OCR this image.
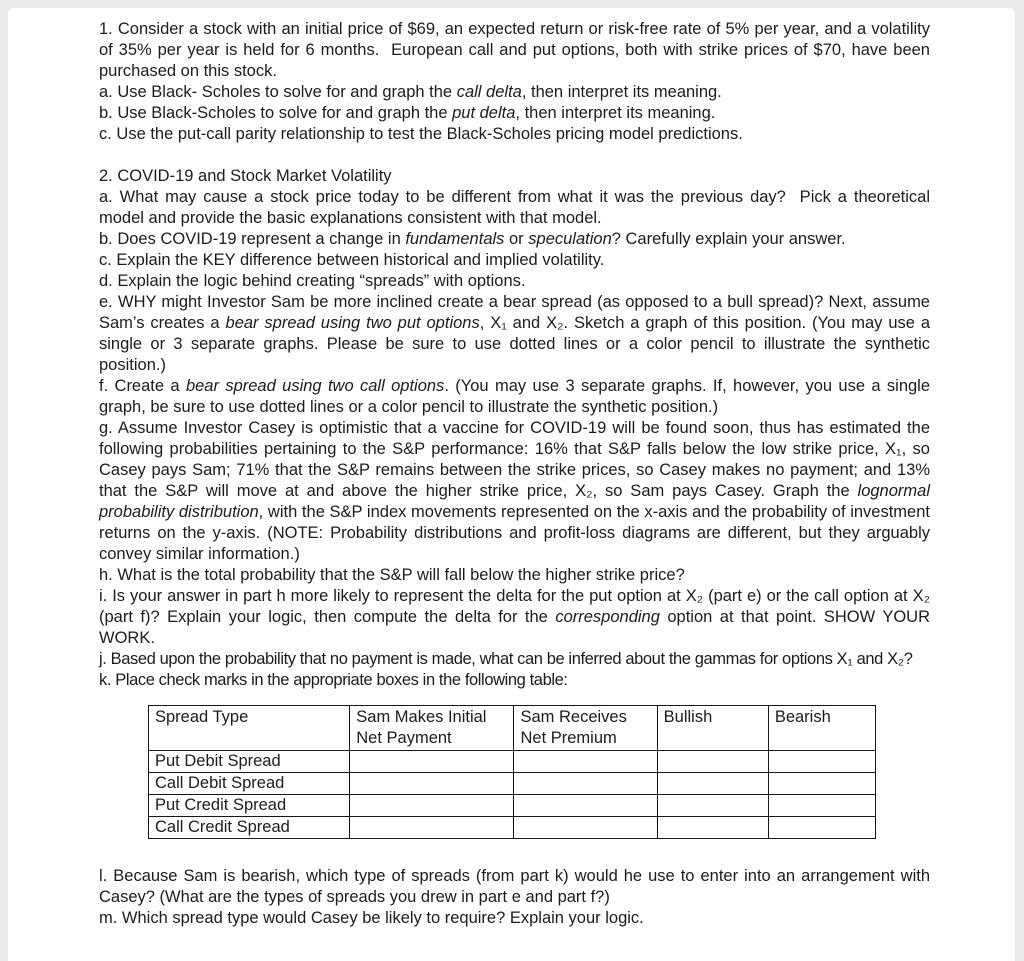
1. Consider a stock with an initial price of $69, an expected return or risk-free rate of 5% per year, and a volatility of 35% per year is held for 6 months.  European call and put options, both with strike prices of $70, have been purchased on this stock.

a. Use Black- Scholes to solve for and graph the call delta, then interpret its meaning.

b. Use Black-Scholes to solve for and graph the put delta, then interpret its meaning.

c. Use the put-call parity relationship to test the Black-Scholes pricing model predictions.

2. COVID-19 and Stock Market Volatility

a. What may cause a stock price today to be different from what it was the previous day?  Pick a theoretical model and provide the basic explanations consistent with that model.

b. Does COVID-19 represent a change in fundamentals or speculation? Carefully explain your answer.

c. Explain the KEY difference between historical and implied volatility.

d. Explain the logic behind creating “spreads” with options.

e. WHY might Investor Sam be more inclined create a bear spread (as opposed to a bull spread)? Next, assume Sam’s creates a bear spread using two put options, X₁ and X₂. Sketch a graph of this position. (You may use a single or 3 separate graphs. Please be sure to use dotted lines or a color pencil to illustrate the synthetic position.)

f. Create a bear spread using two call options. (You may use 3 separate graphs. If, however, you use a single graph, be sure to use dotted lines or a color pencil to illustrate the synthetic position.)

g. Assume Investor Casey is optimistic that a vaccine for COVID-19 will be found soon, thus has estimated the following probabilities pertaining to the S&P performance: 16% that S&P falls below the low strike price, X₁, so Casey pays Sam; 71% that the S&P remains between the strike prices, so Casey makes no payment; and 13% that the S&P will move at and above the higher strike price, X₂, so Sam pays Casey. Graph the lognormal probability distribution, with the S&P index movements represented on the x-axis and the probability of investment returns on the y-axis. (NOTE: Probability distributions and profit-loss diagrams are different, but they arguably convey similar information.)

h. What is the total probability that the S&P will fall below the higher strike price?

i. Is your answer in part h more likely to represent the delta for the put option at X₂ (part e) or the call option at X₂ (part f)? Explain your logic, then compute the delta for the corresponding option at that point. SHOW YOUR WORK.

j. Based upon the probability that no payment is made, what can be inferred about the gammas for options X₁ and X₂?

k. Place check marks in the appropriate boxes in the following table:

Spread Type	Sam Makes Initial Net Payment	Sam Receives Net Premium	Bullish	Bearish
Put Debit Spread				
Call Debit Spread				
Put Credit Spread				
Call Credit Spread				

l. Because Sam is bearish, which type of spreads (from part k) would he use to enter into an arrangement with Casey? (What are the types of spreads you drew in part e and part f?)

m. Which spread type would Casey be likely to require? Explain your logic.
